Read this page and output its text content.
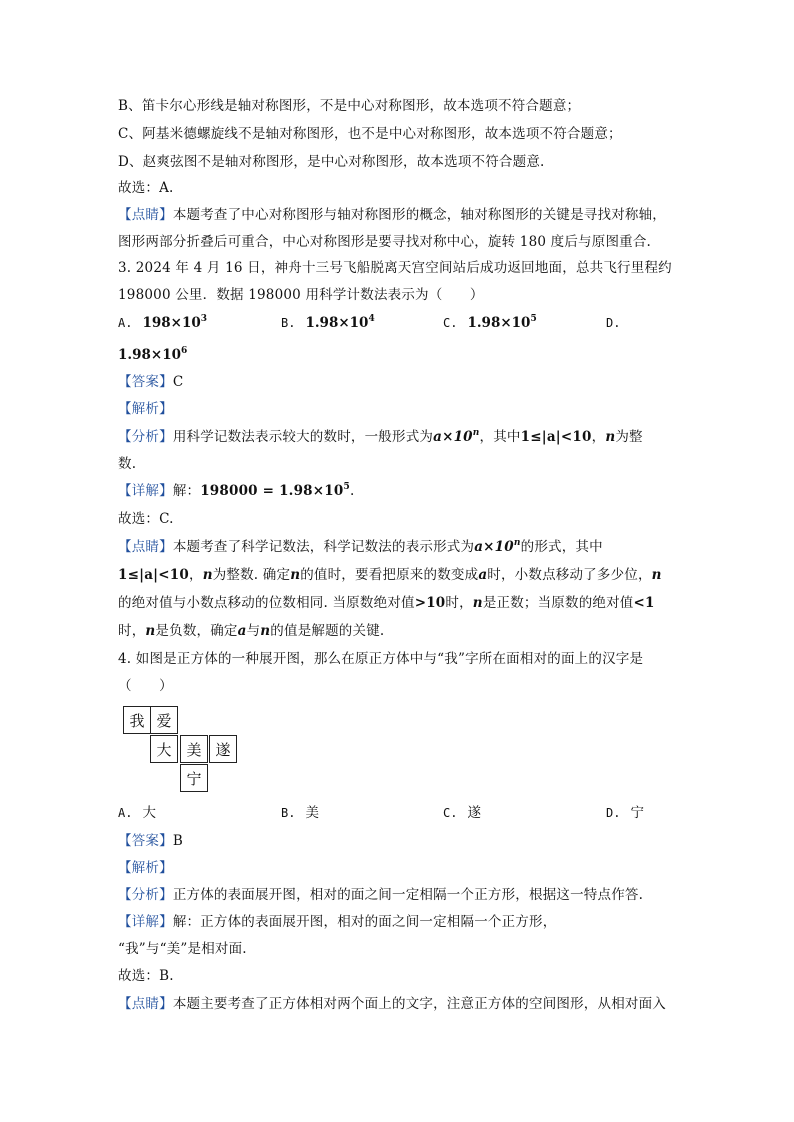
B、笛卡尔心形线是轴对称图形，不是中心对称图形，故本选项不符合题意；
C、阿基米德螺旋线不是轴对称图形，也不是中心对称图形，故本选项不符合题意；
D、赵爽弦图不是轴对称图形，是中心对称图形，故本选项不符合题意.
故选：A.
【点睛】本题考查了中心对称图形与轴对称图形的概念，轴对称图形的关键是寻找对称轴，
图形两部分折叠后可重合，中心对称图形是要寻找对称中心，旋转 180 度后与原图重合.
3. 2024 年 4 月 16 日，神舟十三号飞船脱离天宫空间站后成功返回地面，总共飞行里程约
198000 公里．数据 198000 用科学计数法表示为（　　）
A. $198\times 10^3$	B. $1.98\times 10^4$	C. $1.98\times 10^5$	D.
$1.98\times 10^6$
【答案】C
【解析】
【分析】用科学记数法表示较大的数时，一般形式为$a\times 10^n$，其中1≤|a|<10，n为整
数.
【详解】解：$198000 = 1.98\times 10^5$.
故选：C.
【点睛】本题考查了科学记数法，科学记数法的表示形式为$a\times 10^n$的形式，其中
1≤|a|<10，n为整数. 确定n的值时，要看把原来的数变成a时，小数点移动了多少位，n
的绝对值与小数点移动的位数相同. 当原数绝对值>10时，n是正数；当原数的绝对值<1
时，n是负数，确定a与n的值是解题的关键.
4. 如图是正方体的一种展开图，那么在原正方体中与“我”字所在面相对的面上的汉字是
（　　）
我 爱
大 美 遂
宁
A. 大	B. 美	C. 遂	D. 宁
【答案】B
【解析】
【分析】正方体的表面展开图，相对的面之间一定相隔一个正方形，根据这一特点作答.
【详解】解：正方体的表面展开图，相对的面之间一定相隔一个正方形，
“我”与“美”是相对面.
故选：B.
【点睛】本题主要考查了正方体相对两个面上的文字，注意正方体的空间图形，从相对面入
